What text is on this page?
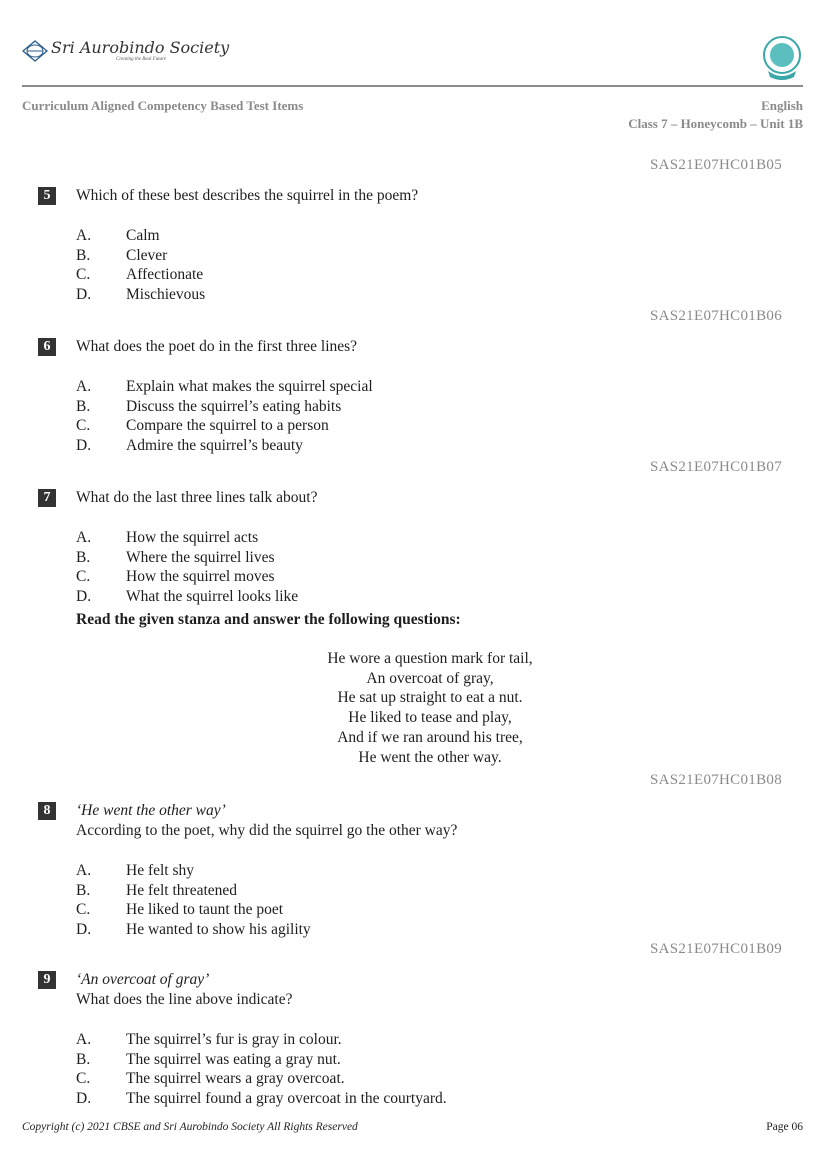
Sri Aurobindo Society
Creating the Real Future
Curriculum Aligned Competency Based Test Items	English
Class 7 – Honeycomb – Unit 1B
SAS21E07HC01B05
5	Which of these best describes the squirrel in the poem?
A.	Calm
B.	Clever
C.	Affectionate
D.	Mischievous
SAS21E07HC01B06
6	What does the poet do in the first three lines?
A.	Explain what makes the squirrel special
B.	Discuss the squirrel’s eating habits
C.	Compare the squirrel to a person
D.	Admire the squirrel’s beauty
SAS21E07HC01B07
7	What do the last three lines talk about?
A.	How the squirrel acts
B.	Where the squirrel lives
C.	How the squirrel moves
D.	What the squirrel looks like
Read the given stanza and answer the following questions:
He wore a question mark for tail,
An overcoat of gray,
He sat up straight to eat a nut.
He liked to tease and play,
And if we ran around his tree,
He went the other way.
SAS21E07HC01B08
8	‘He went the other way’
According to the poet, why did the squirrel go the other way?
A.	He felt shy
B.	He felt threatened
C.	He liked to taunt the poet
D.	He wanted to show his agility
SAS21E07HC01B09
9	‘An overcoat of gray’
What does the line above indicate?
A.	The squirrel’s fur is gray in colour.
B.	The squirrel was eating a gray nut.
C.	The squirrel wears a gray overcoat.
D.	The squirrel found a gray overcoat in the courtyard.
Copyright (c) 2021 CBSE and Sri Aurobindo Society All Rights Reserved	Page 06
